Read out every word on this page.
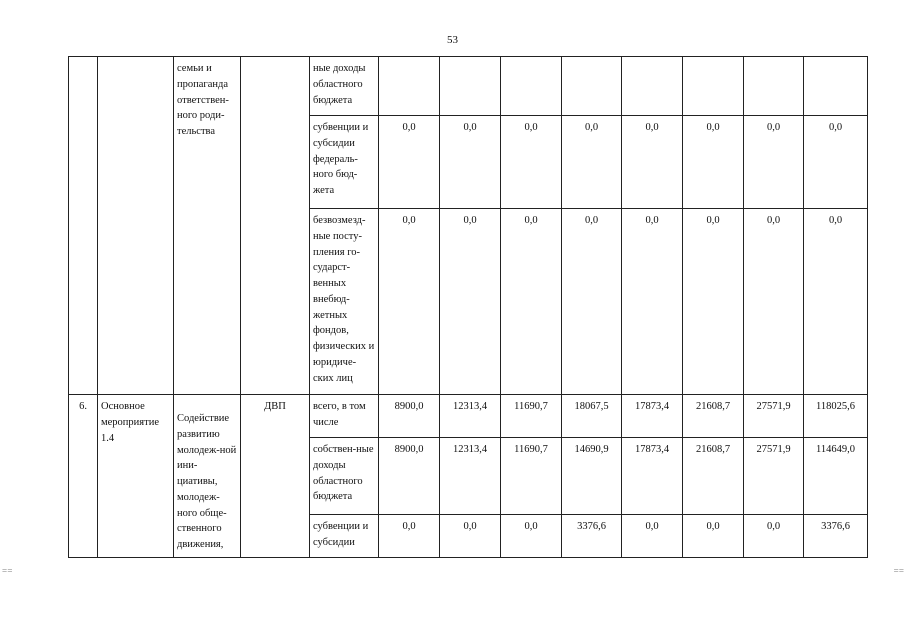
53
		семьи и пропаганда ответствен-ного роди-тельства		ные доходы областного бюджета								
				субвенции и субсидии федераль-ного бюд-жета	0,0	0,0	0,0	0,0	0,0	0,0	0,0	0,0
				безвозмезд-ные посту-пления го-сударст-венных внебюд-жетных фондов, физических и юридиче-ских лиц	0,0	0,0	0,0	0,0	0,0	0,0	0,0	0,0
6.	Основное мероприятие 1.4	Содействие развитию молодеж-ной ини-циативы, молодеж-ного обще-ственного движения,	ДВП	всего, в том числе	8900,0	12313,4	11690,7	18067,5	17873,4	21608,7	27571,9	118025,6
				собствен-ные доходы областного бюджета	8900,0	12313,4	11690,7	14690,9	17873,4	21608,7	27571,9	114649,0
				субвенции и субсидии	0,0	0,0	0,0	3376,6	0,0	0,0	0,0	3376,6
= =	= =
